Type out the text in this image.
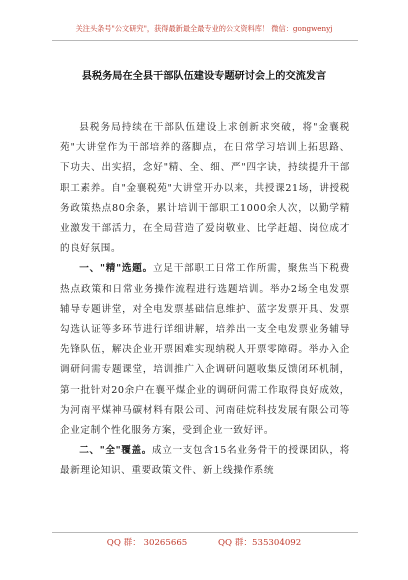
关注头条号"公文研究"，获得最新最全最专业的公文资料库！ 微信：gongwenyj
县税务局在全县干部队伍建设专题研讨会上的交流发言

县税务局持续在干部队伍建设上求创新求突破，将"金襄税苑"大讲堂作为干部培养的落脚点，在日常学习培训上拓思路、下功夫、出实招，念好"精、全、细、严"四字诀，持续提升干部职工素养。自"金襄税苑"大讲堂开办以来，共授课21场，讲授税务政策热点80余条，累计培训干部职工1000余人次，以勤学精业激发干部活力，在全局营造了爱岗敬业、比学赶超、岗位成才的良好氛围。

一、"精"选题。立足干部职工日常工作所需，聚焦当下税费热点政策和日常业务操作流程进行选题培训。举办2场全电发票辅导专题讲堂，对全电发票基础信息维护、蓝字发票开具、发票勾选认证等多环节进行详细讲解，培养出一支全电发票业务辅导先锋队伍，解决企业开票困难实现纳税人开票零障碍。举办入企调研问需专题课堂，培训推广入企调研问题收集反馈闭环机制，第一批针对20余户在襄平煤企业的调研问需工作取得良好成效，为河南平煤神马碳材料有限公司、河南硅烷科技发展有限公司等企业定制个性化服务方案，受到企业一致好评。

二、"全"覆盖。成立一支包含15名业务骨干的授课团队，将最新理论知识、重要政策文件、新上线操作系统

QQ 群： 30265665	QQ 群：535304092
